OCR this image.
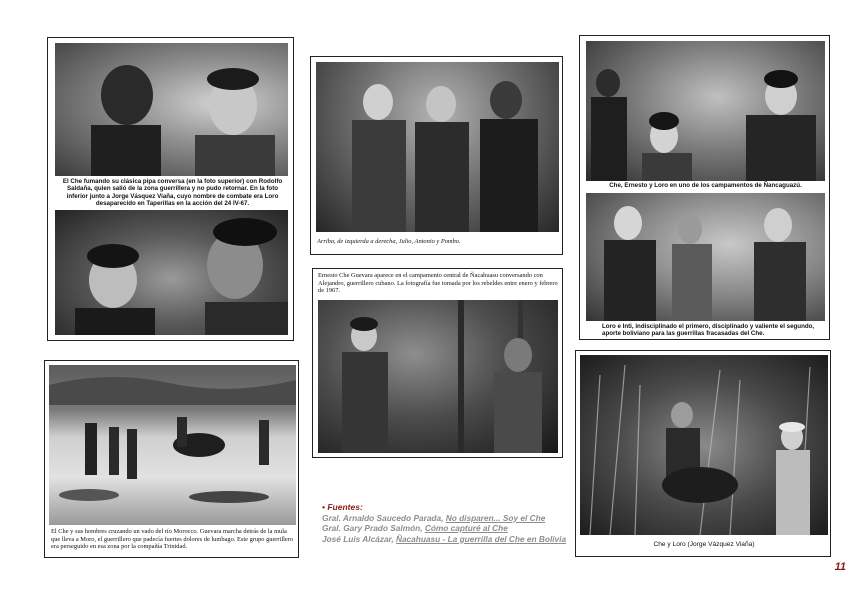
El Che fumando su clásica pipa conversa (en la foto superior) con Rodolfo Saldaña, quien salió de la zona guerrillera y no pudo retornar. En la foto inferior junto a Jorge Vásquez Viaña, cuyo nombre de combate era Loro desaparecido en Taperillas en la acción del 24 IV-67.
Arriba, de izquierda a derecha, Julio, Antonio y Pombo.
Che, Ernesto y Loro en uno de los campamentos de Ñancaguazú.
Loro e Inti, indisciplinado el primero, disciplinado y valiente el segundo, aporte boliviano para las guerrillas fracasadas del Che.
Ernesto Che Guevara aparece en el campamento central de Ñacahuasu conversando con Alejandro, guerrillero cubano. La fotografía fue tomada por los rebeldes entre enero y febrero de 1967.
El Che y sus hombres cruzando un vado del río Morocco. Guevara marcha detrás de la mula que lleva a Moro, el guerrillero que padecía fuertes dolores de lumbago. Este grupo guerrillero era perseguido en esa zona por la compañía Trinidad.	Che y Loro (Jorge Vázquez Viaña)
• Fuentes:
Gral. Arnaldo Saucedo Parada, No disparen... Soy el Che
Gral. Gary Prado Salmón, Cómo capturé al Che
José Luis Alcázar, Ñacahuasu - La guerrilla del Che en Bolivia
11
